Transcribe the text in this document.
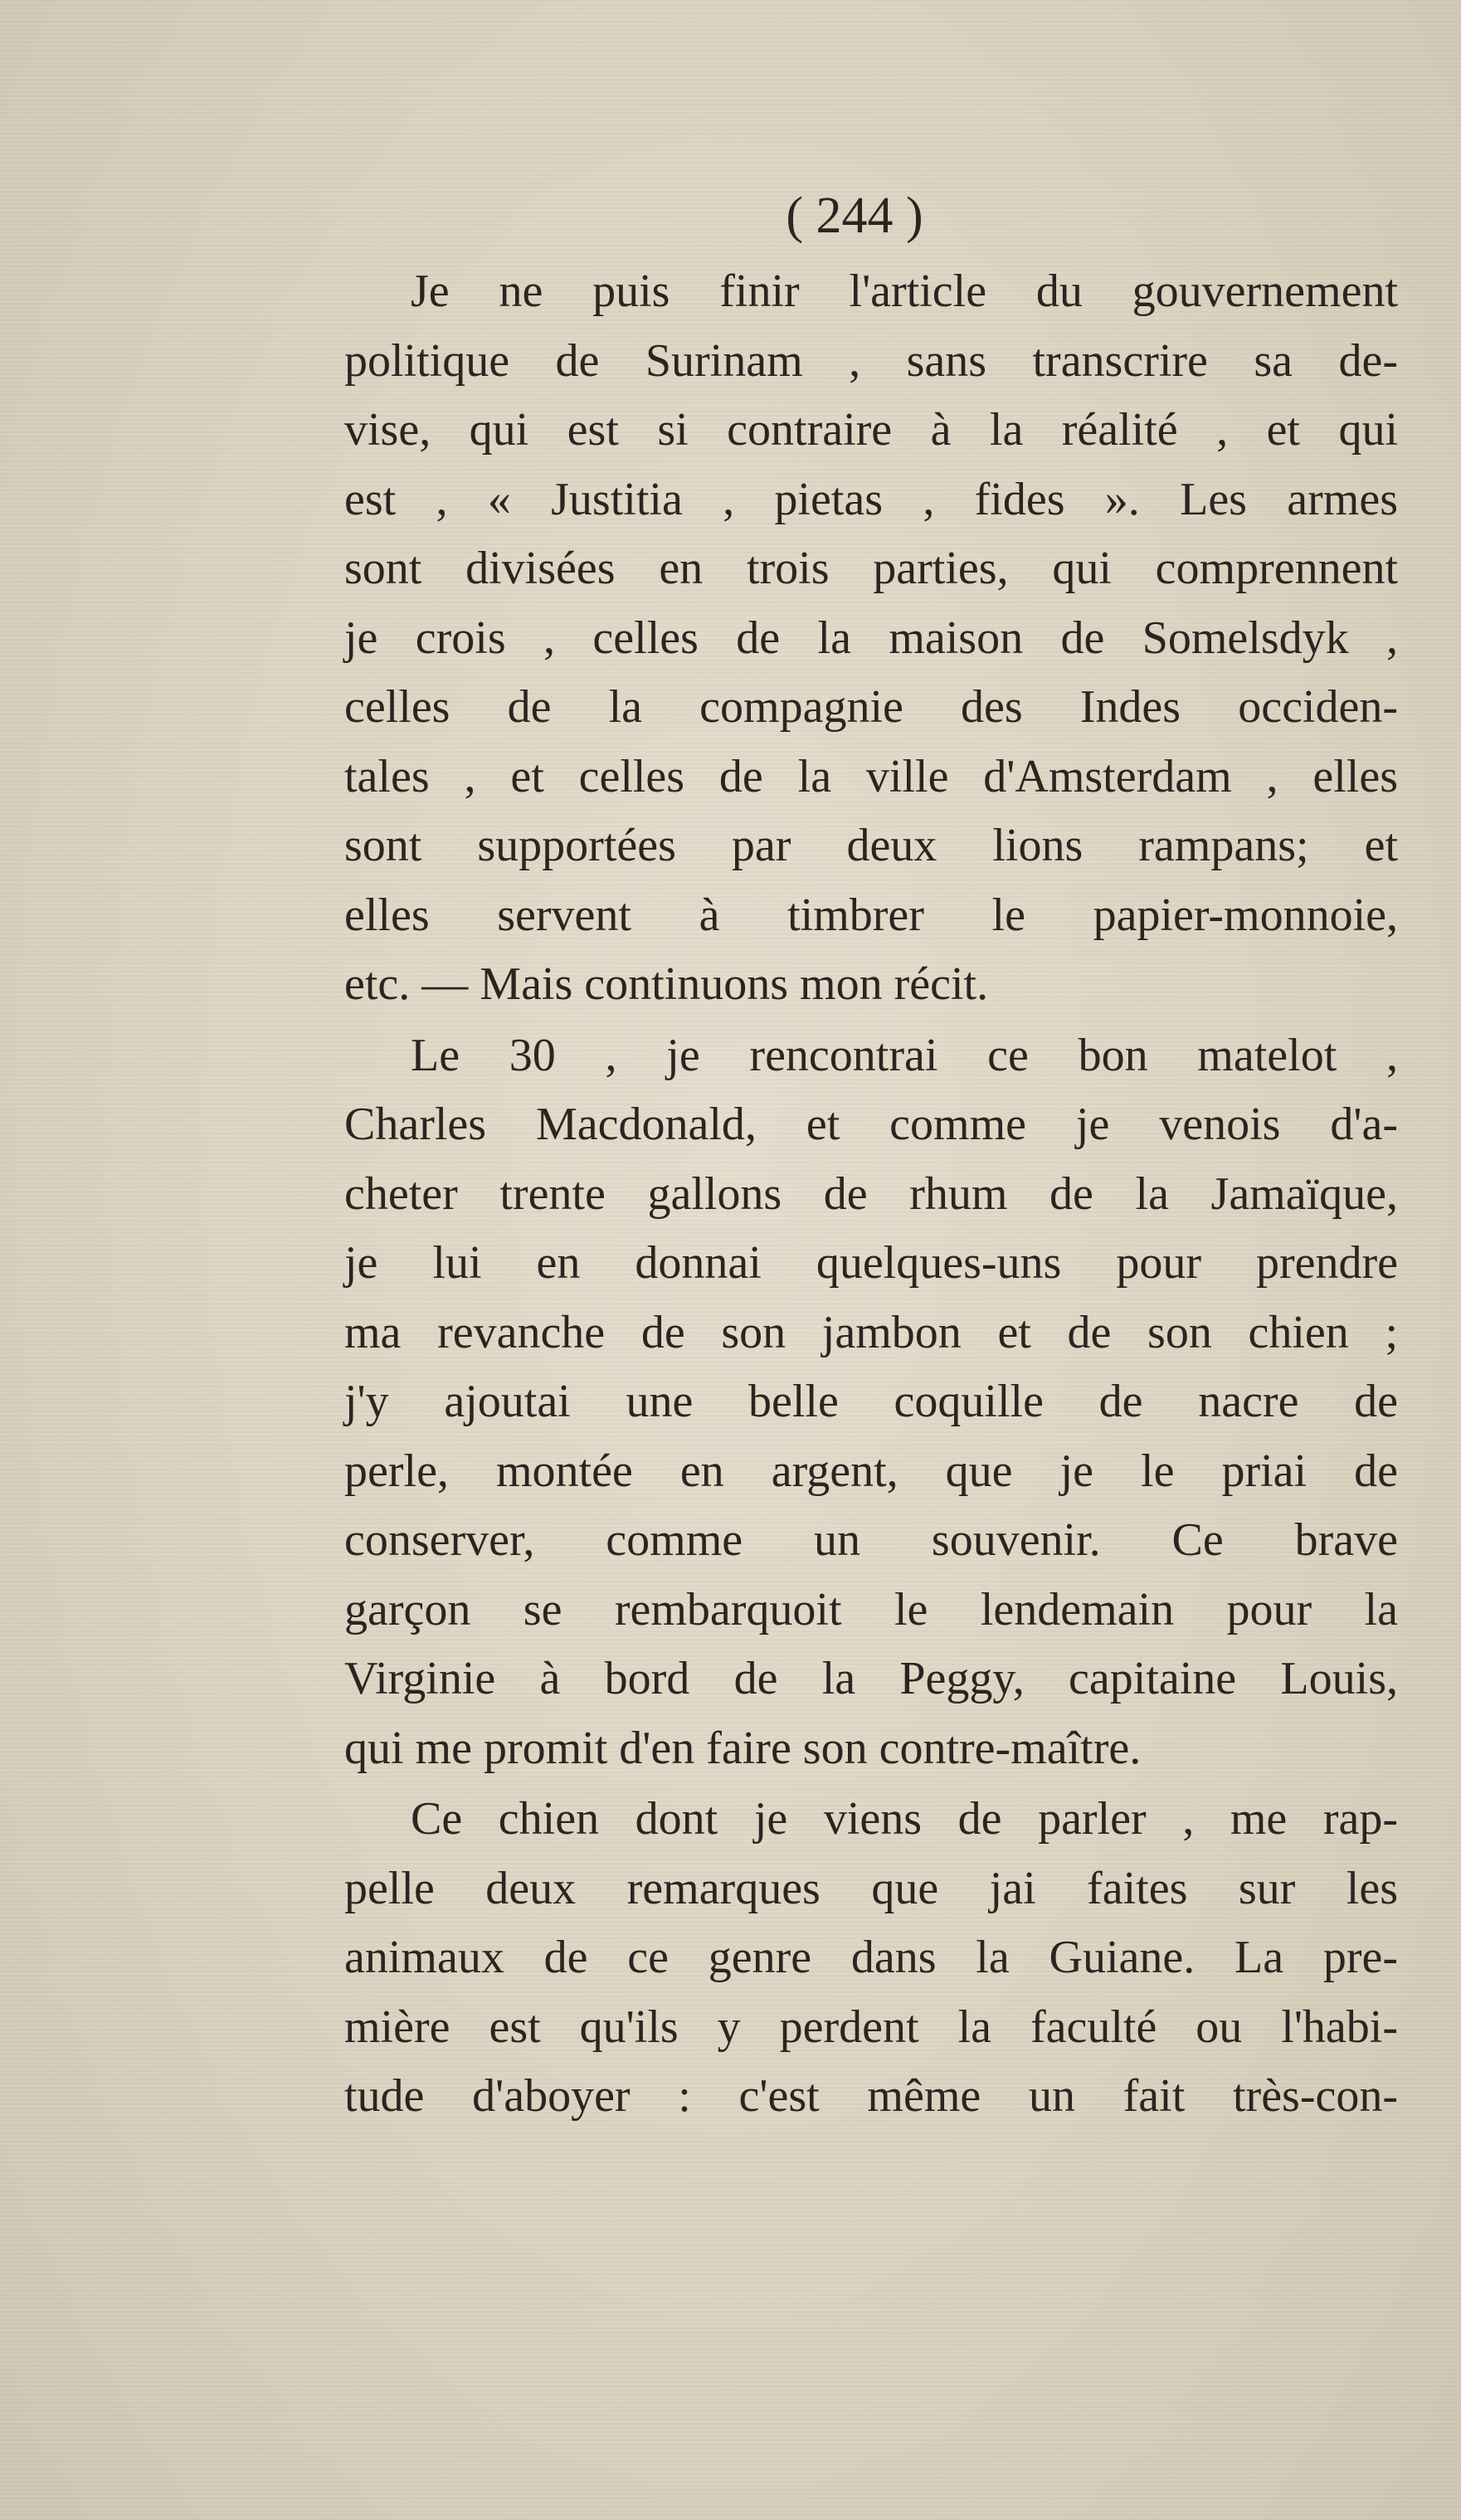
( 244 )
Je ne puis finir l'article du gouvernement
politique de Surinam , sans transcrire sa de-
vise, qui est si contraire à la réalité , et qui
est , « Justitia , pietas , fides ». Les armes
sont divisées en trois parties, qui comprennent
je crois , celles de la maison de Somelsdyk ,
celles de la compagnie des Indes occiden-
tales , et celles de la ville d'Amsterdam , elles
sont supportées par deux lions rampans; et
elles servent à timbrer le papier-monnoie,
etc. — Mais continuons mon récit.
Le 30 , je rencontrai ce bon matelot ,
Charles Macdonald, et comme je venois d'a-
cheter trente gallons de rhum de la Jamaïque,
je lui en donnai quelques-uns pour prendre
ma revanche de son jambon et de son chien ;
j'y ajoutai une belle coquille de nacre de
perle, montée en argent, que je le priai de
conserver, comme un souvenir. Ce brave
garçon se rembarquoit le lendemain pour la
Virginie à bord de la Peggy, capitaine Louis,
qui me promit d'en faire son contre-maître.
Ce chien dont je viens de parler , me rap-
pelle deux remarques que jai faites sur les
animaux de ce genre dans la Guiane. La pre-
mière est qu'ils y perdent la faculté ou l'habi-
tude d'aboyer : c'est même un fait très-con-
